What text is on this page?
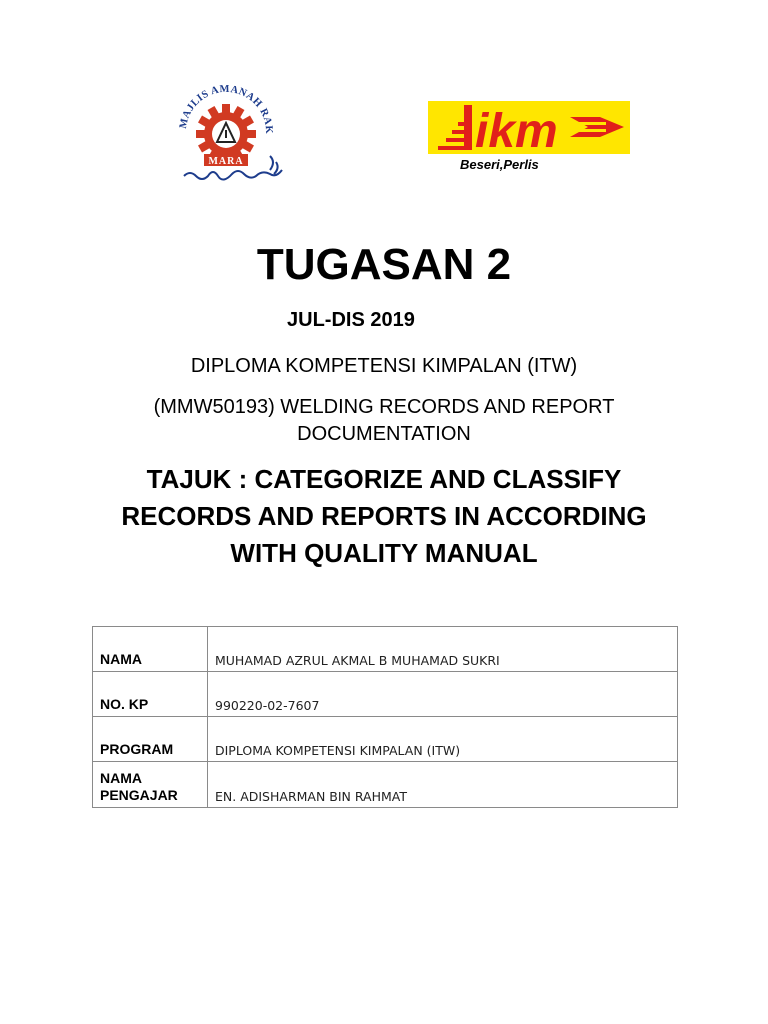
MAJLIS AMANAH RAK
MARA
ikm
Beseri,Perlis
TUGASAN 2
JUL-DIS 2019
DIPLOMA KOMPETENSI KIMPALAN (ITW)
(MMW50193) WELDING RECORDS AND REPORT
DOCUMENTATION
TAJUK : CATEGORIZE AND CLASSIFY
RECORDS AND REPORTS IN ACCORDING
WITH QUALITY MANUAL
NAMA	MUHAMAD AZRUL AKMAL B MUHAMAD SUKRI
NO. KP	990220-02-7607
PROGRAM	DIPLOMA KOMPETENSI KIMPALAN (ITW)

NAMA
PENGAJAR	EN. ADISHARMAN BIN RAHMAT
